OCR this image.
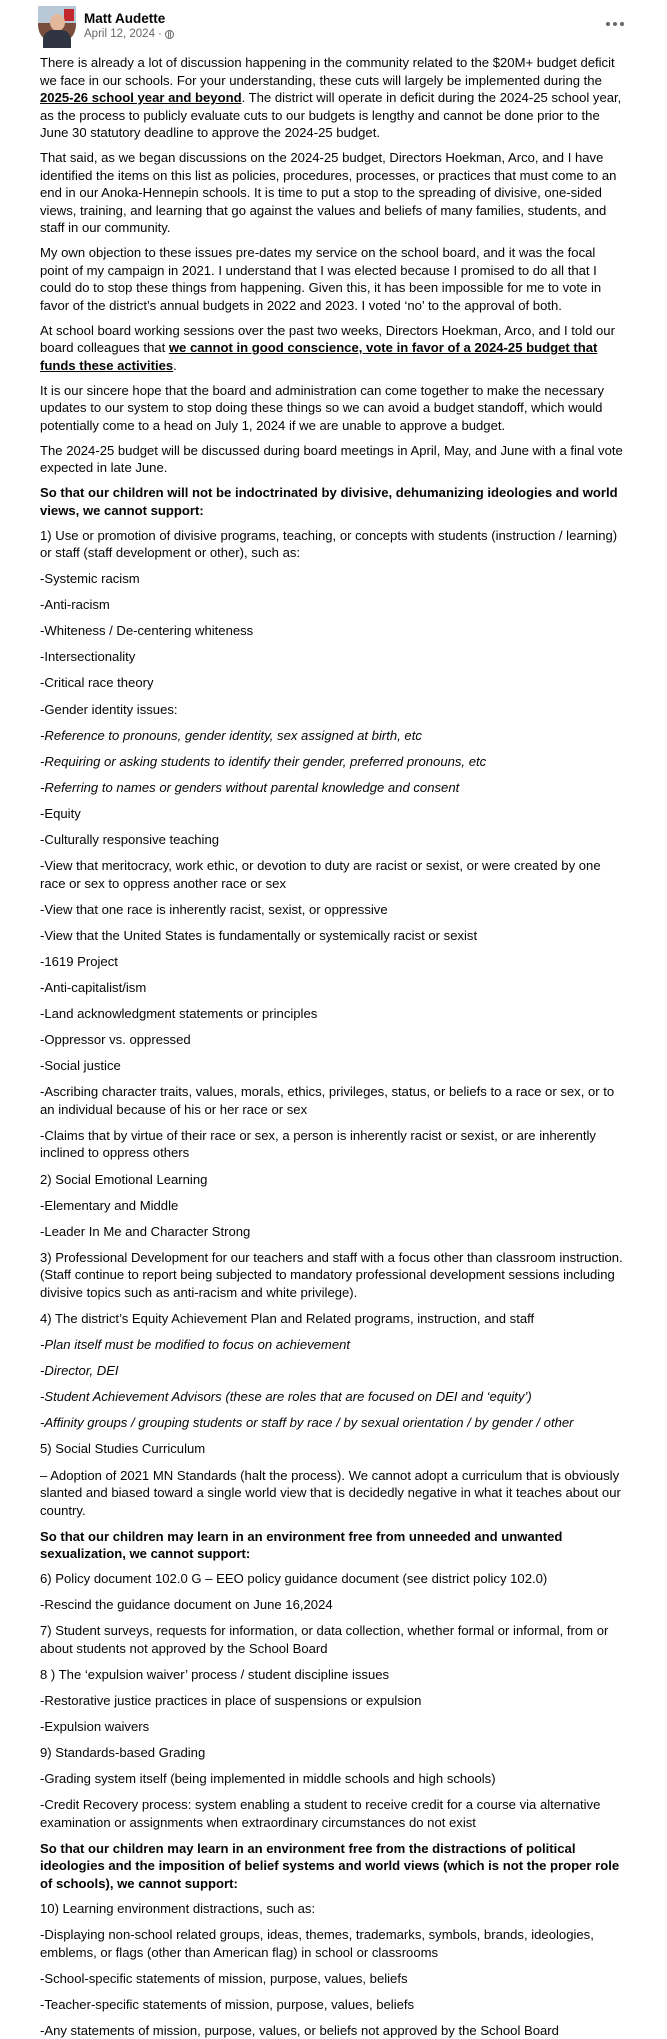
Matt Audette
April 12, 2024 ·

There is already a lot of discussion happening in the community related to the $20M+ budget deficit we face in our schools. For your understanding, these cuts will largely be implemented during the 2025-26 school year and beyond. The district will operate in deficit during the 2024-25 school year, as the process to publicly evaluate cuts to our budgets is lengthy and cannot be done prior to the June 30 statutory deadline to approve the 2024-25 budget.

That said, as we began discussions on the 2024-25 budget, Directors Hoekman, Arco, and I have identified the items on this list as policies, procedures, processes, or practices that must come to an end in our Anoka-Hennepin schools. It is time to put a stop to the spreading of divisive, one-sided views, training, and learning that go against the values and beliefs of many families, students, and staff in our community.

My own objection to these issues pre-dates my service on the school board, and it was the focal point of my campaign in 2021. I understand that I was elected because I promised to do all that I could do to stop these things from happening. Given this, it has been impossible for me to vote in favor of the district’s annual budgets in 2022 and 2023. I voted ‘no’ to the approval of both.

At school board working sessions over the past two weeks, Directors Hoekman, Arco, and I told our board colleagues that we cannot in good conscience, vote in favor of a 2024-25 budget that funds these activities.

It is our sincere hope that the board and administration can come together to make the necessary updates to our system to stop doing these things so we can avoid a budget standoff, which would potentially come to a head on July 1, 2024 if we are unable to approve a budget.

The 2024-25 budget will be discussed during board meetings in April, May, and June with a final vote expected in late June.

So that our children will not be indoctrinated by divisive, dehumanizing ideologies and world views, we cannot support:

1) Use or promotion of divisive programs, teaching, or concepts with students (instruction / learning) or staff (staff development or other), such as:

-Systemic racism

-Anti-racism

-Whiteness / De-centering whiteness

-Intersectionality

-Critical race theory

-Gender identity issues:

-Reference to pronouns, gender identity, sex assigned at birth, etc

-Requiring or asking students to identify their gender, preferred pronouns, etc

-Referring to names or genders without parental knowledge and consent

-Equity

-Culturally responsive teaching

-View that meritocracy, work ethic, or devotion to duty are racist or sexist, or were created by one race or sex to oppress another race or sex

-View that one race is inherently racist, sexist, or oppressive

-View that the United States is fundamentally or systemically racist or sexist

-1619 Project

-Anti-capitalist/ism

-Land acknowledgment statements or principles

-Oppressor vs. oppressed

-Social justice

-Ascribing character traits, values, morals, ethics, privileges, status, or beliefs to a race or sex, or to an individual because of his or her race or sex

-Claims that by virtue of their race or sex, a person is inherently racist or sexist, or are inherently inclined to oppress others

2) Social Emotional Learning

-Elementary and Middle

-Leader In Me and Character Strong

3) Professional Development for our teachers and staff with a focus other than classroom instruction. (Staff continue to report being subjected to mandatory professional development sessions including divisive topics such as anti-racism and white privilege).

4) The district’s Equity Achievement Plan and Related programs, instruction, and staff

-Plan itself must be modified to focus on achievement

-Director, DEI

-Student Achievement Advisors (these are roles that are focused on DEI and ‘equity’)

-Affinity groups / grouping students or staff by race / by sexual orientation / by gender / other

5) Social Studies Curriculum

– Adoption of 2021 MN Standards (halt the process). We cannot adopt a curriculum that is obviously slanted and biased toward a single world view that is decidedly negative in what it teaches about our country.

So that our children may learn in an environment free from unneeded and unwanted sexualization, we cannot support:

6) Policy document 102.0 G – EEO policy guidance document (see district policy 102.0)

-Rescind the guidance document on June 16,2024

7) Student surveys, requests for information, or data collection, whether formal or informal, from or about students not approved by the School Board

8 ) The ‘expulsion waiver’ process / student discipline issues

-Restorative justice practices in place of suspensions or expulsion

-Expulsion waivers

9) Standards-based Grading

-Grading system itself (being implemented in middle schools and high schools)

-Credit Recovery process: system enabling a student to receive credit for a course via alternative examination or assignments when extraordinary circumstances do not exist

So that our children may learn in an environment free from the distractions of political ideologies and the imposition of belief systems and world views (which is not the proper role of schools), we cannot support:

10) Learning environment distractions, such as:

-Displaying non-school related groups, ideas, themes, trademarks, symbols, brands, ideologies, emblems, or flags (other than American flag) in school or classrooms

-School-specific statements of mission, purpose, values, beliefs

-Teacher-specific statements of mission, purpose, values, beliefs

-Any statements of mission, purpose, values, or beliefs not approved by the School Board
